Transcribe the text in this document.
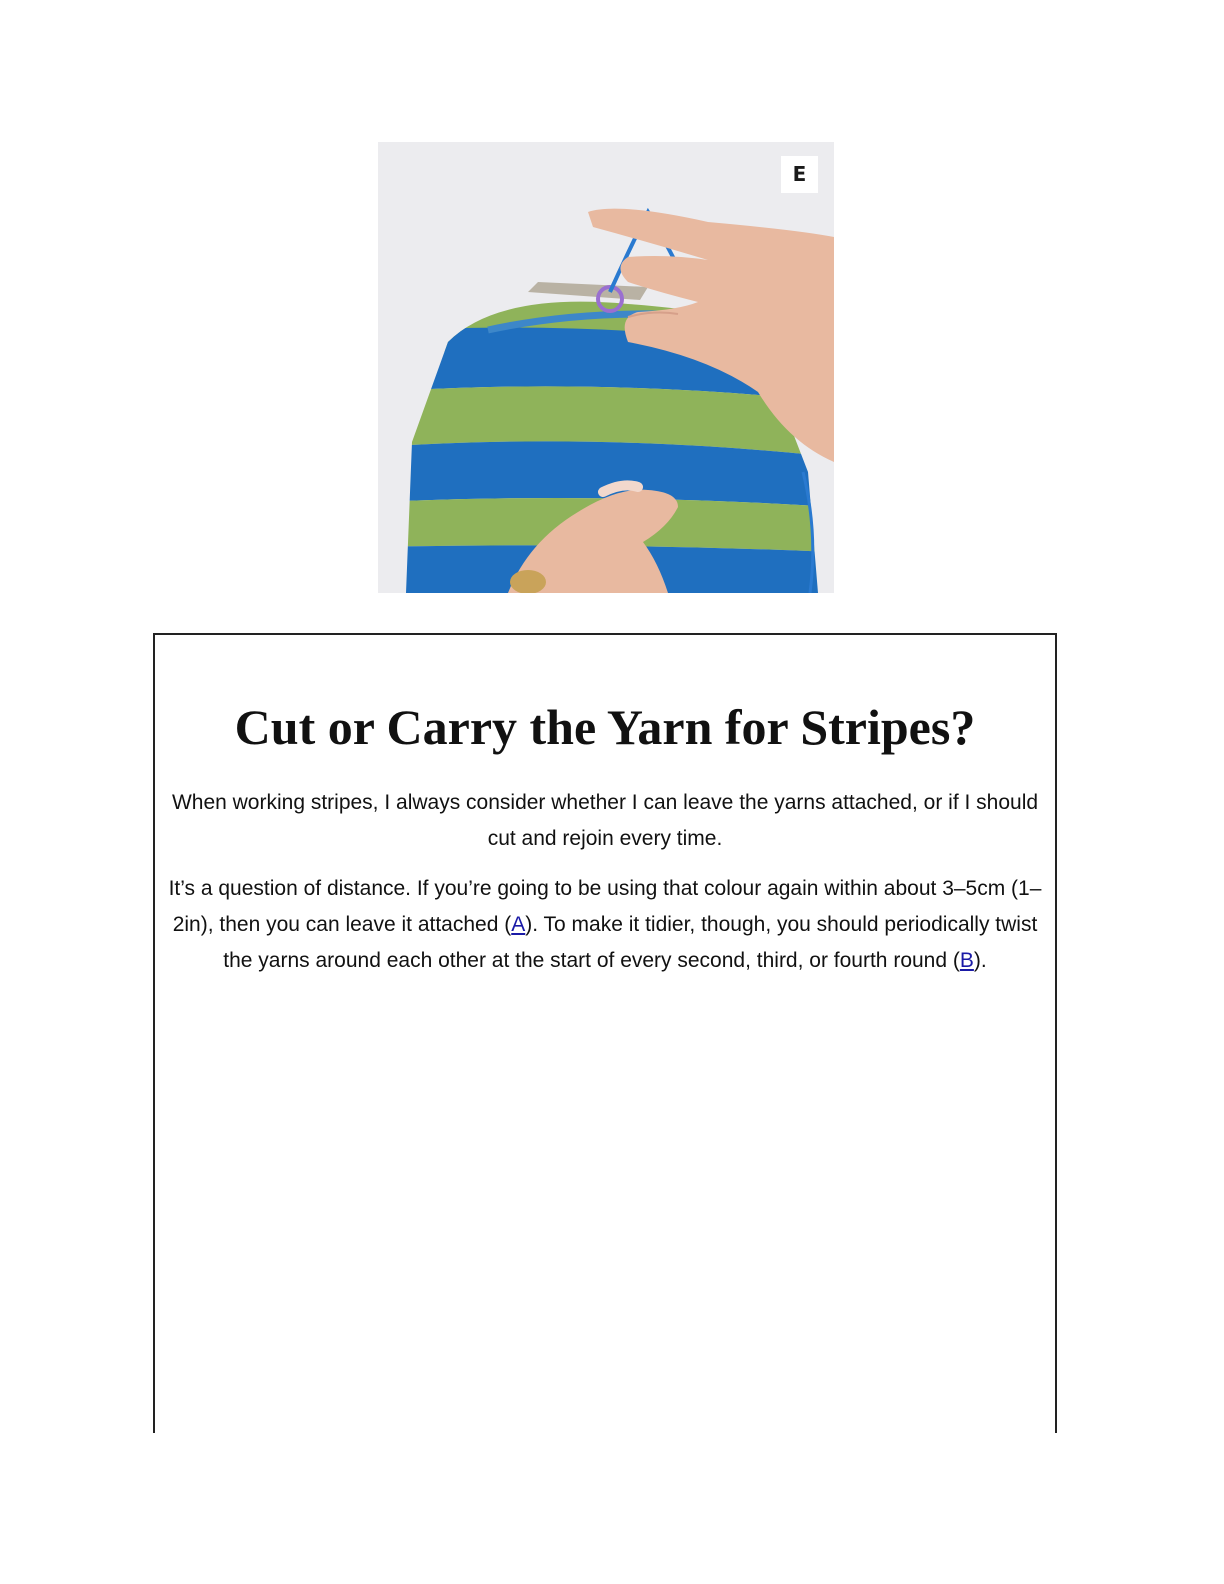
E
Cut or Carry the Yarn for Stripes?

When working stripes, I always consider whether I can leave the yarns attached, or if I should cut and rejoin every time.

It’s a question of distance. If you’re going to be using that colour again within about 3–5cm (1–2in), then you can leave it attached (A). To make it tidier, though, you should periodically twist the yarns around each other at the start of every second, third, or fourth round (B).
